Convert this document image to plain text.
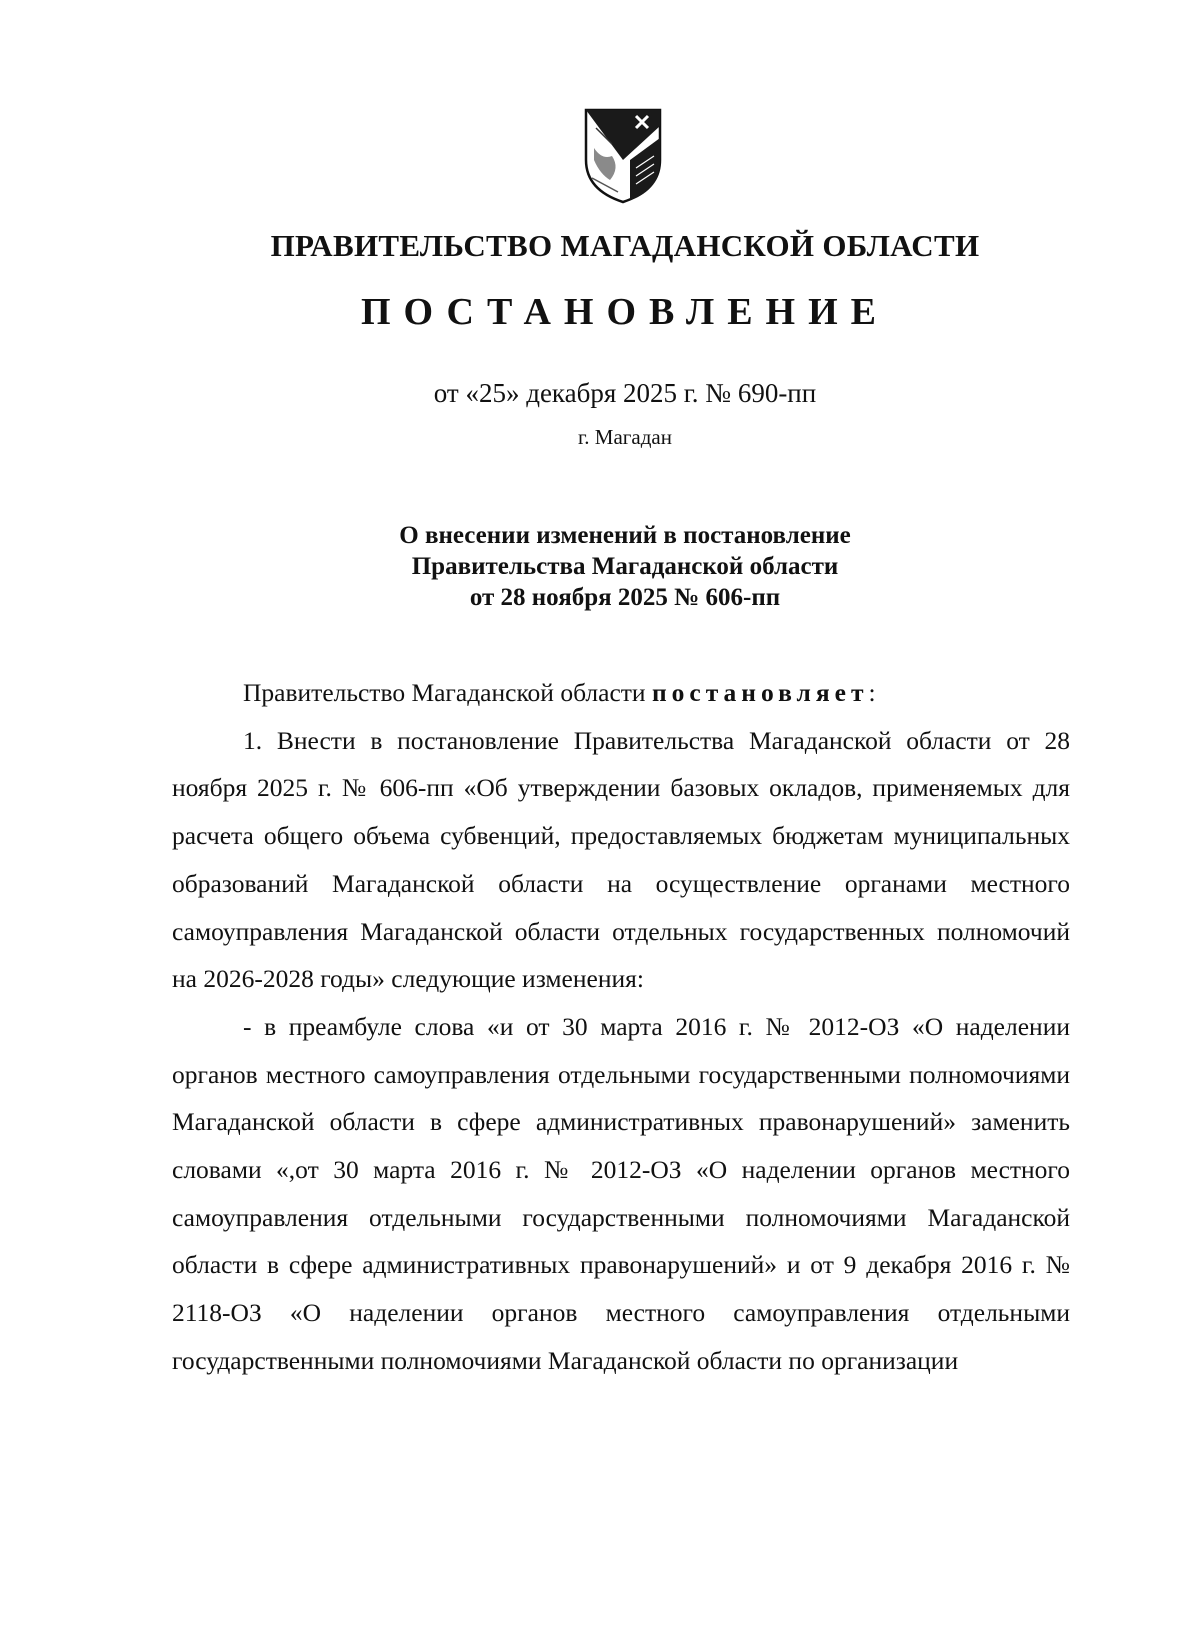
ПРАВИТЕЛЬСТВО МАГАДАНСКОЙ ОБЛАСТИ
ПОСТАНОВЛЕНИЕ
от «25» декабря 2025 г. № 690-пп
г. Магадан
О внесении изменений в постановление
Правительства Магаданской области
от 28 ноября 2025 № 606-пп

Правительство Магаданской области постановляет:

1. Внести в постановление Правительства Магаданской области от 28 ноября 2025 г. № 606-пп «Об утверждении базовых окладов, применяемых для расчета общего объема субвенций, предоставляемых бюджетам муниципальных образований Магаданской области на осуществление органами местного самоуправления Магаданской области отдельных государственных полномочий на 2026-2028 годы» следующие изменения:

- в преамбуле слова «и от 30 марта 2016 г. № 2012-ОЗ «О наделении органов местного самоуправления отдельными государственными полномочиями Магаданской области в сфере административных правонарушений» заменить словами «,от 30 марта 2016 г. № 2012-ОЗ «О наделении органов местного самоуправления отдельными государственными полномочиями Магаданской области в сфере административных правонарушений» и от 9 декабря 2016 г. № 2118-ОЗ «О наделении органов местного самоуправления отдельными государственными полномочиями Магаданской области по организации
